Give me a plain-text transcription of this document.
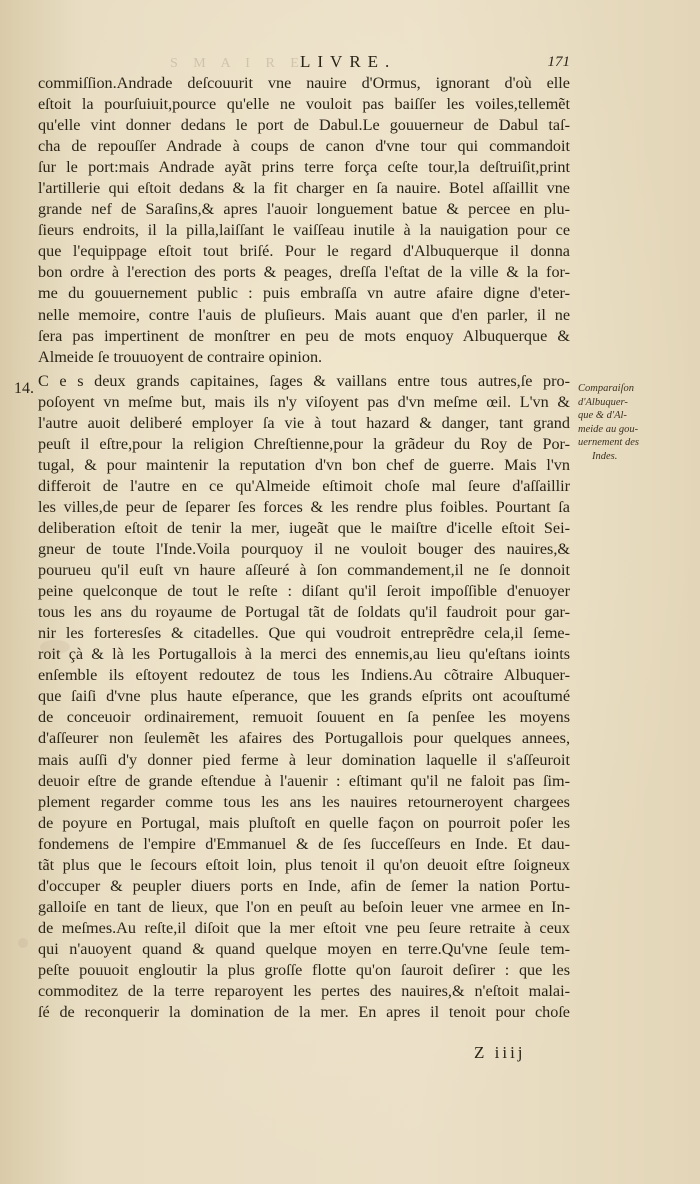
S M A I R E
LIVRE.	171
14.
commiſſion.Andrade deſcouurit vne nauire d'Ormus, ignorant d'où elle
eſtoit la pourſuiuit,pource qu'elle ne vouloit pas baiſſer les voiles,tellemẽt
qu'elle vint donner dedans le port de Dabul.Le gouuerneur de Dabul taſ-
cha de repouſſer Andrade à coups de canon d'vne tour qui commandoit
ſur le port:mais Andrade ayãt prins terre força ceſte tour,la deſtruiſit,print
l'artillerie qui eſtoit dedans & la fit charger en ſa nauire. Botel aſſaillit vne
grande nef de Saraſins,& apres l'auoir longuement batue & percee en plu-
ſieurs endroits, il la pilla,laiſſant le vaiſſeau inutile à la nauigation pour ce
que l'equippage eſtoit tout briſé. Pour le regard d'Albuquerque il donna
bon ordre à l'erection des ports & peages, dreſſa l'eſtat de la ville & la for-
me du gouuernement public : puis embraſſa vn autre afaire digne d'eter-
nelle memoire, contre l'auis de pluſieurs. Mais auant que d'en parler, il ne
ſera pas impertinent de monſtrer en peu de mots enquoy Albuquerque &
Almeide ſe trouuoyent de contraire opinion.
C e s deux grands capitaines, ſages & vaillans entre tous autres,ſe pro-
poſoyent vn meſme but, mais ils n'y viſoyent pas d'vn meſme œil. L'vn &
l'autre auoit deliberé employer ſa vie à tout hazard & danger, tant grand
peuſt il eſtre,pour la religion Chreſtienne,pour la grãdeur du Roy de Por-
tugal, & pour maintenir la reputation d'vn bon chef de guerre. Mais l'vn
differoit de l'autre en ce qu'Almeide eſtimoit choſe mal ſeure d'aſſaillir
les villes,de peur de ſeparer ſes forces & les rendre plus foibles. Pourtant ſa
deliberation eſtoit de tenir la mer, iugeãt que le maiſtre d'icelle eſtoit Sei-
gneur de toute l'Inde.Voila pourquoy il ne vouloit bouger des nauires,&
pourueu qu'il euſt vn haure aſſeuré à ſon commandement,il ne ſe donnoit
peine quelconque de tout le reſte : diſant qu'il ſeroit impoſſible d'enuoyer
tous les ans du royaume de Portugal tãt de ſoldats qu'il faudroit pour gar-
nir les forteresſes & citadelles. Que qui voudroit entreprẽdre cela,il ſeme-
roit çà & là les Portugallois à la merci des ennemis,au lieu qu'eſtans ioints
enſemble ils eſtoyent redoutez de tous les Indiens.Au cõtraire Albuquer-
que ſaiſi d'vne plus haute eſperance, que les grands eſprits ont acouſtumé
de conceuoir ordinairement, remuoit ſouuent en ſa penſee les moyens
d'aſſeurer non ſeulemẽt les afaires des Portugallois pour quelques annees,
mais auſſi d'y donner pied ferme à leur domination laquelle il s'aſſeuroit
deuoir eſtre de grande eſtendue à l'auenir : eſtimant qu'il ne faloit pas ſim-
plement regarder comme tous les ans les nauires retourneroyent chargees
de poyure en Portugal, mais pluſtoſt en quelle façon on pourroit poſer les
fondemens de l'empire d'Emmanuel & de ſes ſucceſſeurs en Inde. Et dau-
tãt plus que le ſecours eſtoit loin, plus tenoit il qu'on deuoit eſtre ſoigneux
d'occuper & peupler diuers ports en Inde, afin de ſemer la nation Portu-
galloiſe en tant de lieux, que l'on en peuſt au beſoin leuer vne armee en In-
de meſmes.Au reſte,il diſoit que la mer eſtoit vne peu ſeure retraite à ceux
qui n'auoyent quand & quand quelque moyen en terre.Qu'vne ſeule tem-
peſte pouuoit engloutir la plus groſſe flotte qu'on ſauroit deſirer : que les
commoditez de la terre reparoyent les pertes des nauires,& n'eſtoit malai-
ſé de reconquerir la domination de la mer. En apres il tenoit pour choſe
Comparaiſon
d'Albuquer-
que & d'Al-
meide au gou-
uernement des
Indes.
Z iiij
